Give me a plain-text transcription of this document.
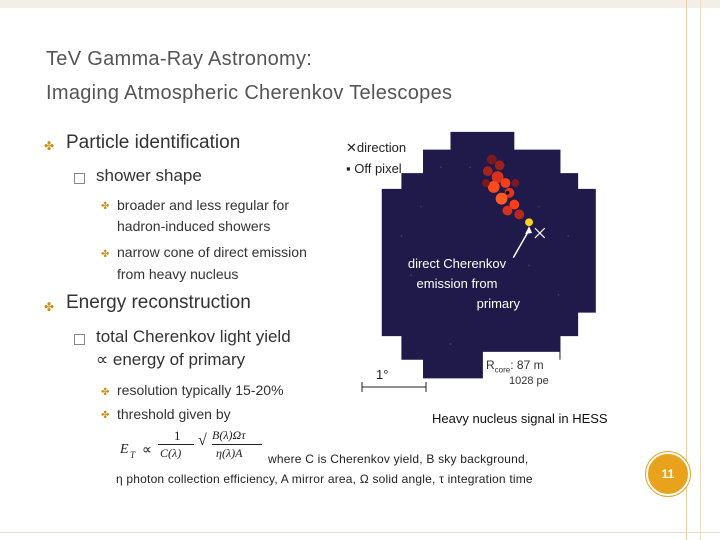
TeV Gamma-Ray Astronomy:
Imaging Atmospheric Cherenkov Telescopes
✤ Particle identification
shower shape
✤ broader and less regular for
hadron-induced showers
✤ narrow cone of direct emission
from heavy nucleus
✤ Energy reconstruction
total Cherenkov light yield
∝ energy of primary
✤ resolution typically 15-20%
✤ threshold given by
✕direction
▪ Off pixel
direct Cherenkov
emission from
primary
1°
$R_{core}$: 87 m
1028 pe
Heavy nucleus signal in HESS
E T ∝
1
C(λ)
√ B(λ)Ωτ
η(λ)A where C is Cherenkov yield, B sky background,
η photon collection efficiency, A mirror area, Ω solid angle, τ integration time	11
